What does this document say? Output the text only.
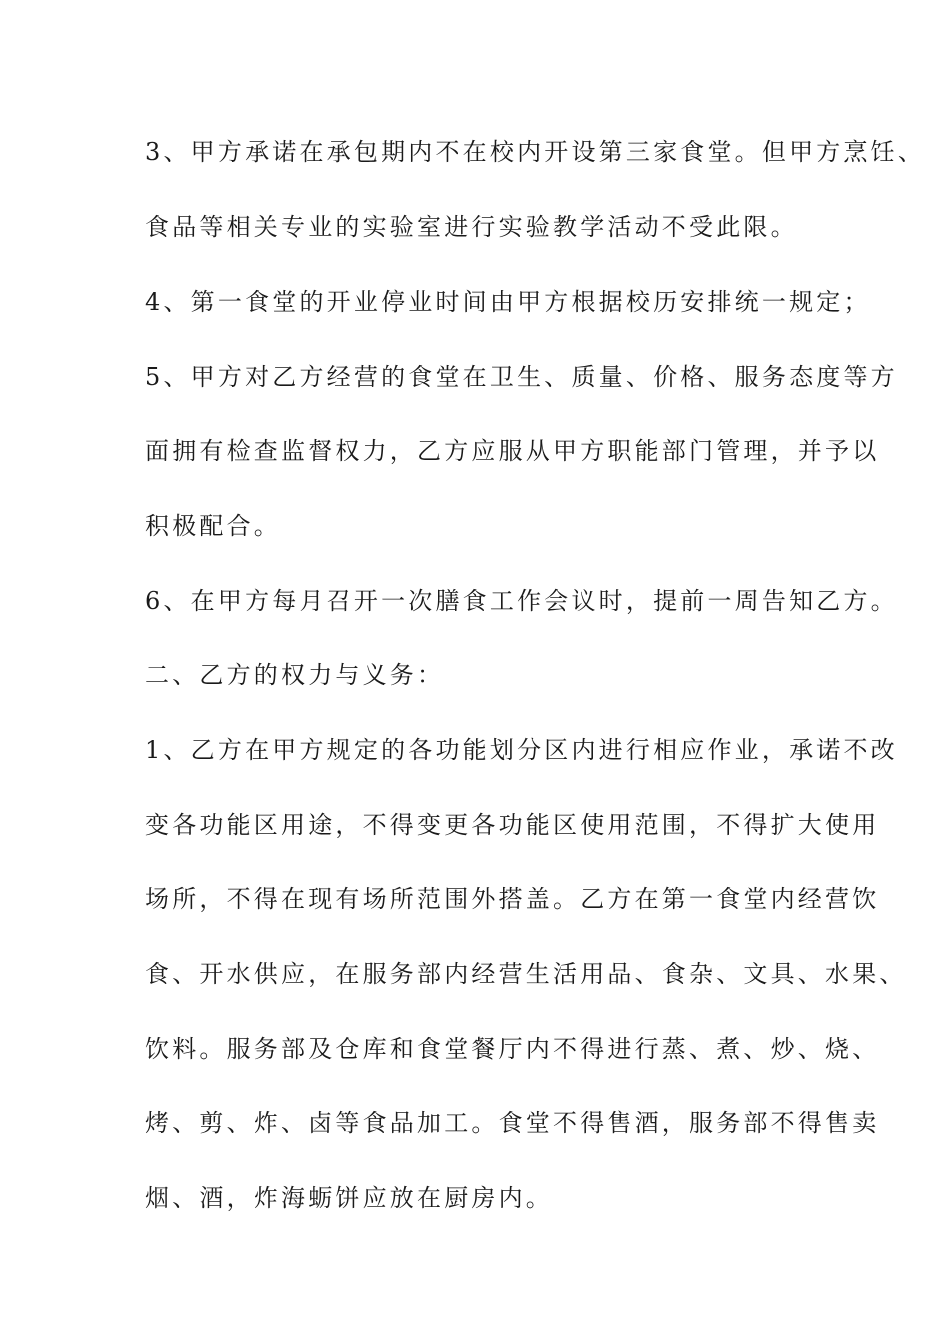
3、甲方承诺在承包期内不在校内开设第三家食堂。但甲方烹饪、
食品等相关专业的实验室进行实验教学活动不受此限。
4、第一食堂的开业停业时间由甲方根据校历安排统一规定；
5、甲方对乙方经营的食堂在卫生、质量、价格、服务态度等方
面拥有检查监督权力，乙方应服从甲方职能部门管理，并予以
积极配合。
6、在甲方每月召开一次膳食工作会议时，提前一周告知乙方。
二、乙方的权力与义务：
1、乙方在甲方规定的各功能划分区内进行相应作业，承诺不改
变各功能区用途，不得变更各功能区使用范围，不得扩大使用
场所，不得在现有场所范围外搭盖。乙方在第一食堂内经营饮
食、开水供应，在服务部内经营生活用品、食杂、文具、水果、
饮料。服务部及仓库和食堂餐厅内不得进行蒸、煮、炒、烧、
烤、剪、炸、卤等食品加工。食堂不得售酒，服务部不得售卖
烟、酒，炸海蛎饼应放在厨房内。
